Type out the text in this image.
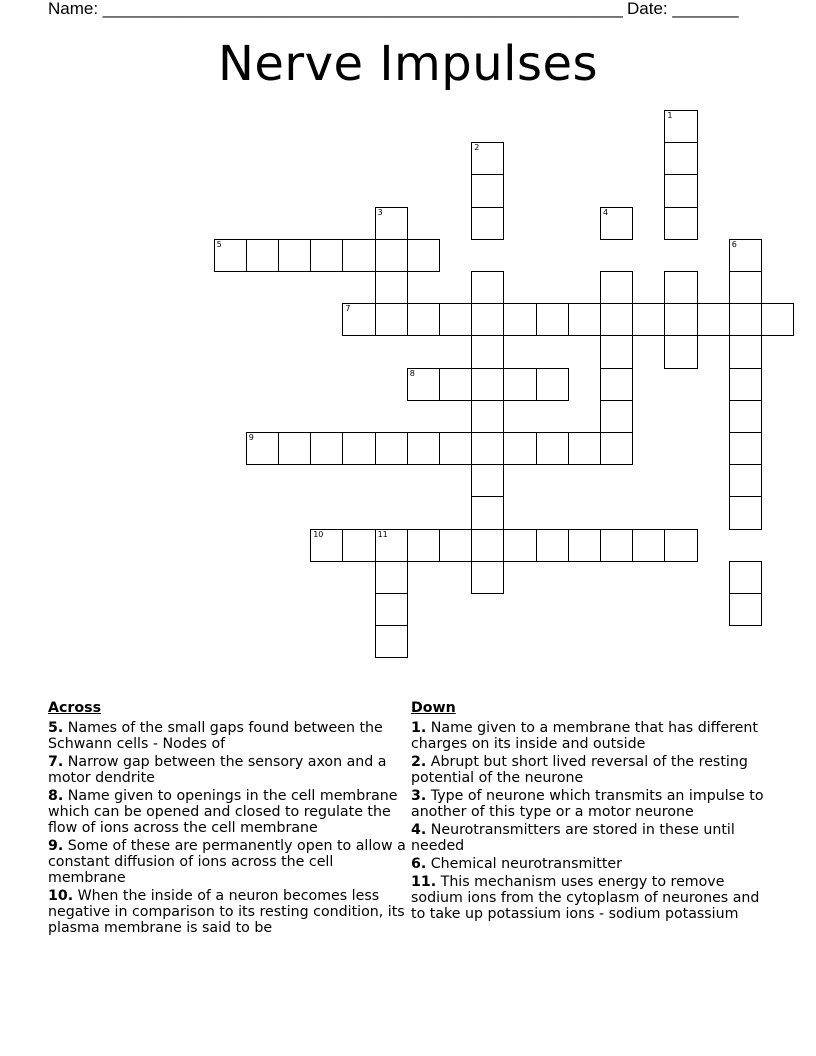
Name: _______________________________________________________ Date: _______
Nerve Impulses
5
7
8
9
10	11
1
2
3	4
6
Across
5. Names of the small gaps found between the Schwann cells - Nodes of
7. Narrow gap between the sensory axon and a motor dendrite
8. Name given to openings in the cell membrane which can be opened and closed to regulate the flow of ions across the cell membrane
9. Some of these are permanently open to allow a constant diffusion of ions across the cell membrane
10. When the inside of a neuron becomes less negative in comparison to its resting condition, its plasma membrane is said to be
Down
1. Name given to a membrane that has different charges on its inside and outside
2. Abrupt but short lived reversal of the resting potential of the neurone
3. Type of neurone which transmits an impulse to another of this type or a motor neurone
4. Neurotransmitters are stored in these until needed
6. Chemical neurotransmitter
11. This mechanism uses energy to remove sodium ions from the cytoplasm of neurones and to take up potassium ions - sodium potassium
